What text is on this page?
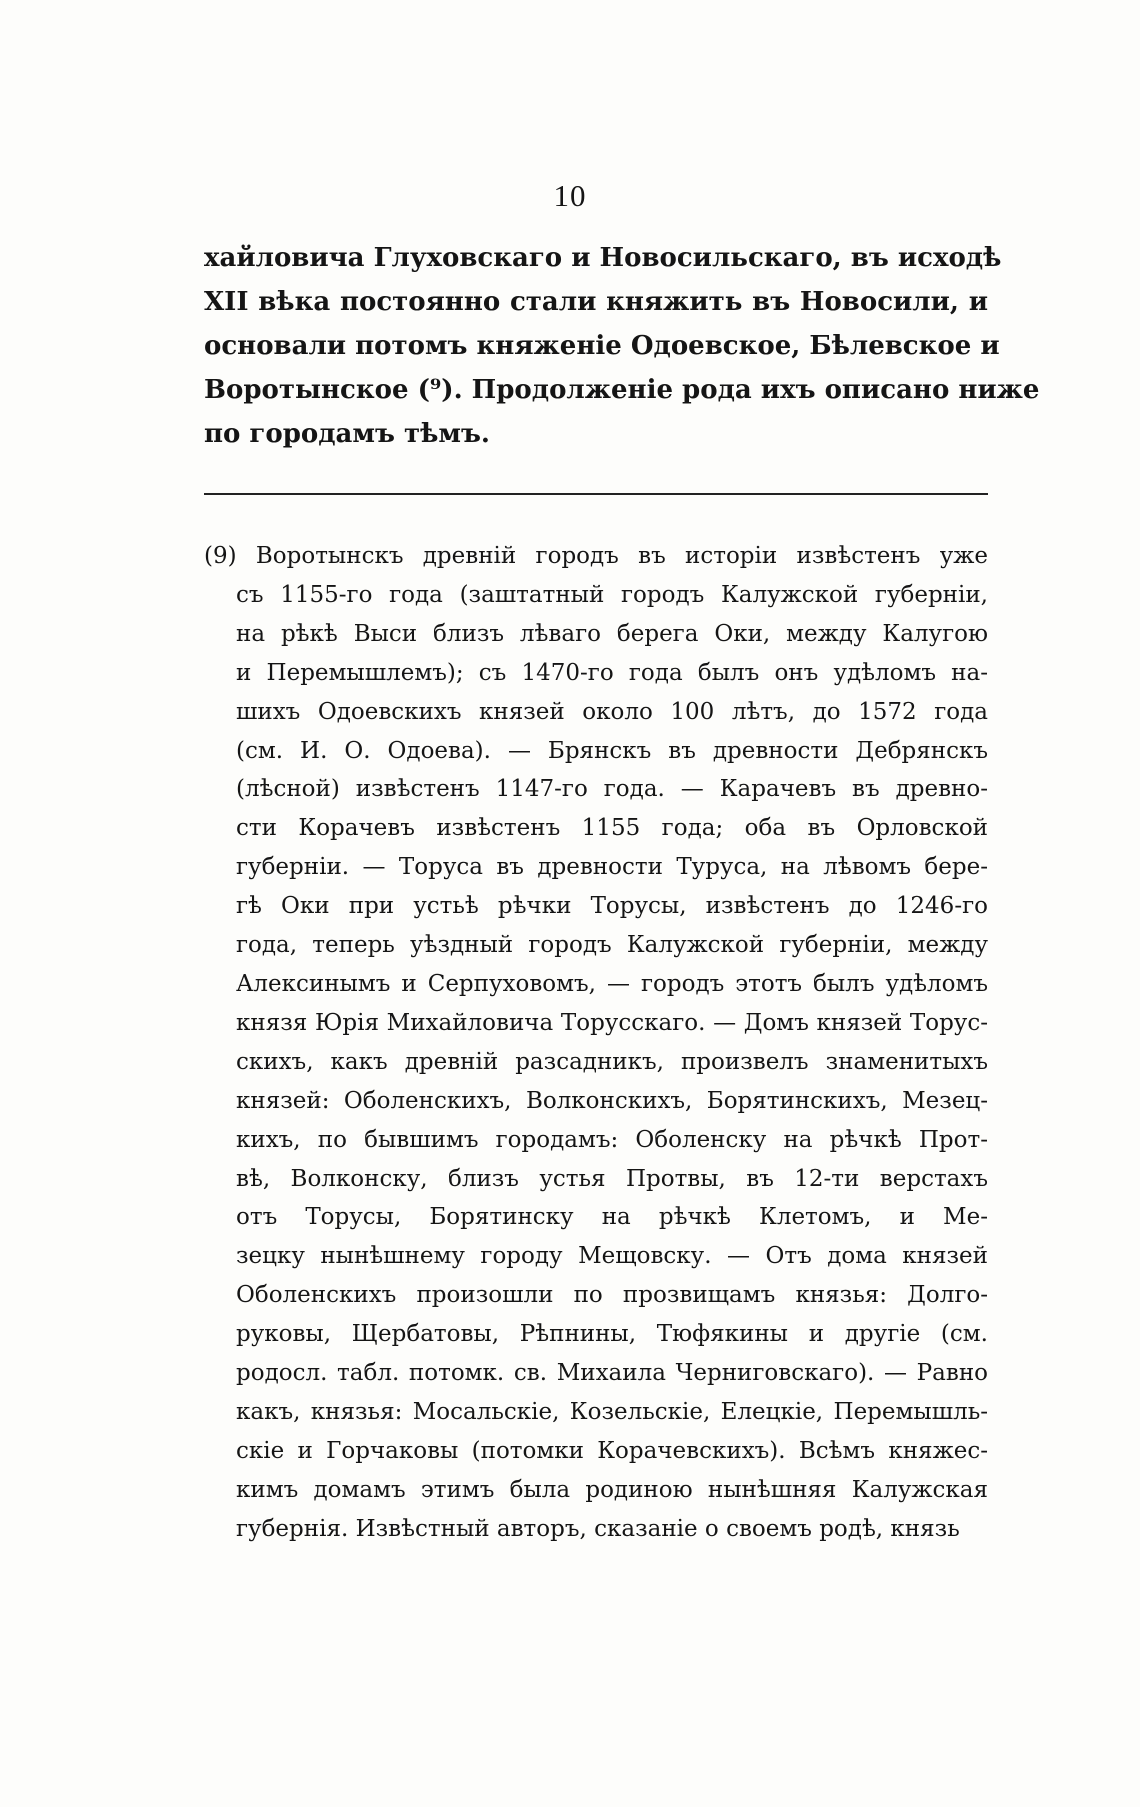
10
хайловича Глуховскаго и Новосильскаго, въ исходѣ
XII вѣка постоянно стали княжить въ Новосили, и
основали потомъ княженіе Одоевское, Бѣлевское и
Воротынское (⁹). Продолженіе рода ихъ описано ниже
по городамъ тѣмъ.
(9) Воротынскъ древній городъ въ исторіи извѣстенъ уже
съ 1155-го года (заштатный городъ Калужской губерніи,
на рѣкѣ Выси близъ лѣваго берега Оки, между Калугою
и Перемышлемъ); съ 1470-го года былъ онъ удѣломъ на-
шихъ Одоевскихъ князей около 100 лѣтъ, до 1572 года
(см. И. О. Одоева). — Брянскъ въ древности Дебрянскъ
(лѣсной) извѣстенъ 1147-го года. — Карачевъ въ древно-
сти Корачевъ извѣстенъ 1155 года; оба въ Орловской
губерніи. — Торуса въ древности Туруса, на лѣвомъ бере-
гѣ Оки при устьѣ рѣчки Торусы, извѣстенъ до 1246-го
года, теперь уѣздный городъ Калужской губерніи, между
Алексинымъ и Серпуховомъ, — городъ этотъ былъ удѣломъ
князя Юрія Михайловича Торусскаго. — Домъ князей Торус-
скихъ, какъ древній разсадникъ, произвелъ знаменитыхъ
князей: Оболенскихъ, Волконскихъ, Борятинскихъ, Мезец-
кихъ, по бывшимъ городамъ: Оболенску на рѣчкѣ Прот-
вѣ, Волконску, близъ устья Протвы, въ 12-ти верстахъ
отъ Торусы, Борятинску на рѣчкѣ Клетомъ, и Ме-
зецку нынѣшнему городу Мещовску. — Отъ дома князей
Оболенскихъ произошли по прозвищамъ князья: Долго-
руковы, Щербатовы, Рѣпнины, Тюфякины и другіе (см.
родосл. табл. потомк. св. Михаила Черниговскаго). — Равно
какъ, князья: Мосальскіе, Козельскіе, Елецкіе, Перемышль-
скіе и Горчаковы (потомки Корачевскихъ). Всѣмъ княжес-
кимъ домамъ этимъ была родиною нынѣшняя Калужская
губернія. Извѣстный авторъ, сказаніе о своемъ родѣ, князь
